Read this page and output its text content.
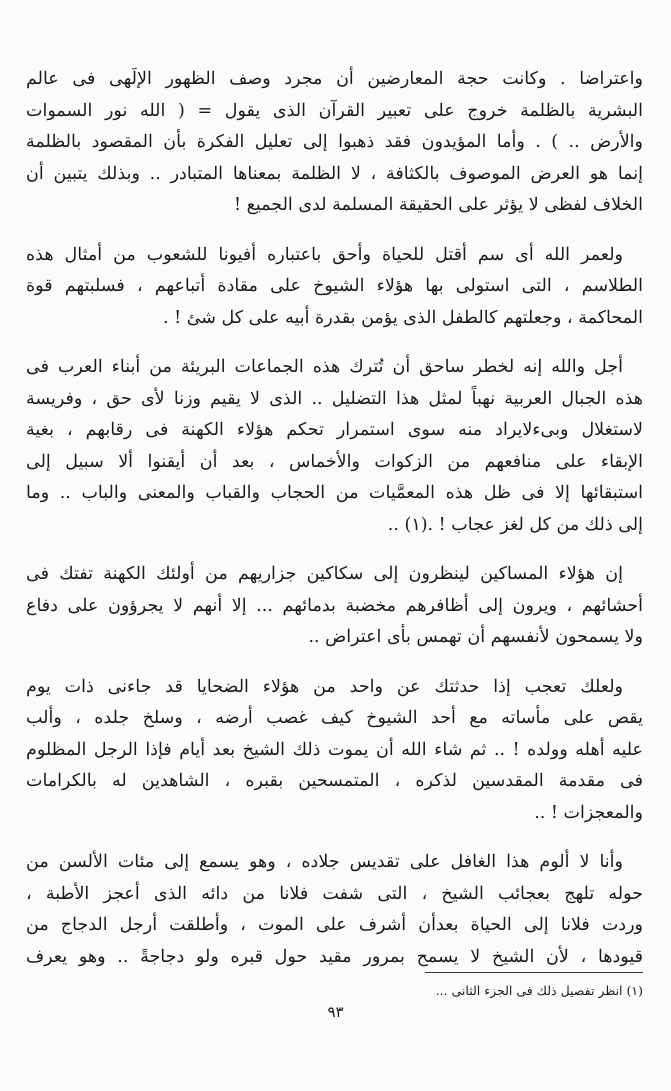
واعتراضا . وكانت حجة المعارضين أن مجرد وصف الظهور الإلَهى فى عالم
البشرية بالظلمة خروج على تعبير القرآن الذى يقول = ( الله نور السموات
والأرض .. ) . وأما المؤيدون فقد ذهبوا إلى تعليل الفكرة بأن المقصود بالظلمة
إنما هو العرض الموصوف بالكثافة ، لا الظلمة بمعناها المتبادر .. وبذلك يتبين أن
الخلاف لفظى لا يؤثر على الحقيقة المسلمة لدى الجميع !
ولعمر الله أى سم أقتل للحياة وأحق باعتباره أفيونا للشعوب من أمثال هذه
الطلاسم ، التى استولى بها هؤلاء الشيوخ على مقادة أتباعهم ، فسلبتهم قوة
المحاكمة ، وجعلتهم كالطفل الذى يؤمن بقدرة أبيه على كل شئ ! .
أجل والله إنه لخطر ساحق أن تُترك هذه الجماعات البريئة من أبناء العرب فى
هذه الجبال العربية نهباً لمثل هذا التضليل .. الذى لا يقيم وزنا لأى حق ، وفريسة
لاستغلال وبىءلايراد منه سوى استمرار تحكم هؤلاء الكهنة فى رقابهم ، بغية
الإبقاء على منافعهم من الزكوات والأخماس ، بعد أن أيقنوا ألا سبيل إلى
استبقائها إلا فى ظل هذه المعمَّيات من الحجاب والقباب والمعنى والباب .. وما
إلى ذلك من كل لغز عجاب ! .(١) ..
إن هؤلاء المساكين لينظرون إلى سكاكين جزاريهم من أولئك الكهنة تفتك فى
أحشائهم ، ويرون إلى أظافرهم مخضبة بدمائهم ... إلا أنهم لا يجرؤون على دفاع
ولا يسمحون لأنفسهم أن تهمس بأى اعتراض ..
ولعلك تعجب إذا حدثتك عن واحد من هؤلاء الضحايا قد جاءنى ذات يوم
يقص على مأساته مع أحد الشيوخ كيف غصب أرضه ، وسلخ جلده ، وألب
عليه أهله وولده ! .. ثم شاء الله أن يموت ذلك الشيخ بعد أيام فإذا الرجل المظلوم
فى مقدمة المقدسين لذكره ، المتمسحين بقبره ، الشاهدين له بالكرامات
والمعجزات ! ..
وأنا لا ألوم هذا الغافل على تقديس جلاده ، وهو يسمع إلى مئات الألسن من
حوله تلهج بعجائب الشيخ ، التى شفت فلانا من دائه الذى أعجز الأطبة ،
وردت فلانا إلى الحياة بعدأن أشرف على الموت ، وأطلقت أرجل الدجاج من
قيودها ، لأن الشيخ لا يسمح بمرور مقيد حول قبره ولو دجاجةً .. وهو يعرف
(١) انظر تفصيل ذلك فى الجزء الثانى ...
٩٣
